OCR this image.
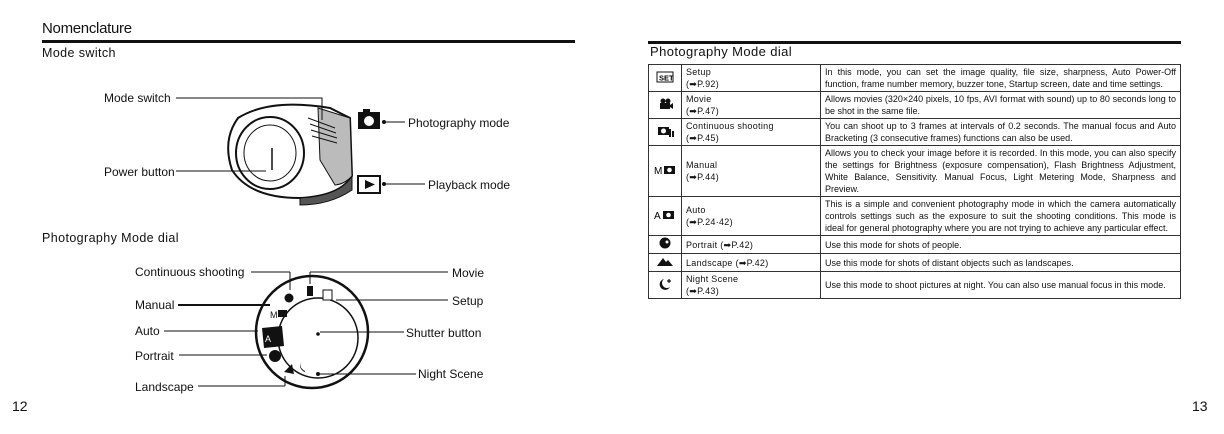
Nomenclature
Mode switch
Mode switch
Power button
Photography mode
Playback mode
Photography Mode dial
M
A
Continuous shooting
Manual
Auto
Portrait
Landscape
Movie
Setup
Shutter button
Night Scene
12
Photography Mode dial
SET	Setup
(➡P.92)	In this mode, you can set the image quality, file size, sharpness, Auto Power-Off function, frame number memory, buzzer tone, Startup screen, date and time settings.

Movie
(➡P.47)	Allows movies (320×240 pixels, 10 fps, AVI format with sound) up to 80 seconds long to be shot in the same file.

Continuous shooting
(➡P.45)	You can shoot up to 3 frames at intervals of 0.2 seconds. The manual focus and Auto Bracketing (3 consecutive frames) functions can also be used.

M	Manual
(➡P.44)	Allows you to check your image before it is recorded. In this mode, you can also specify the settings for Brightness (exposure compensation), Flash Brightness Adjustment, White Balance, Sensitivity. Manual Focus, Light Metering Mode, Sharpness and Preview.

A	Auto
(➡P.24·42)	This is a simple and convenient photography mode in which the camera automatically controls settings such as the exposure to suit the shooting conditions. This mode is ideal for general photography where you are not trying to achieve any particular effect.

Portrait (➡P.42)	Use this mode for shots of people.

Landscape (➡P.42)	Use this mode for shots of distant objects such as landscapes.

Night Scene
(➡P.43)	Use this mode to shoot pictures at night. You can also use manual focus in this mode.
13
